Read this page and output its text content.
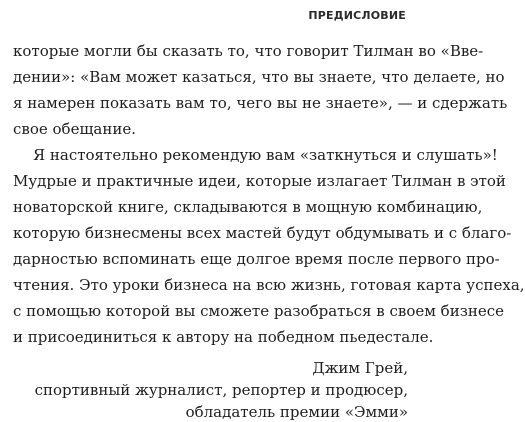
ПРЕДИСЛОВИЕ
которые могли бы сказать то, что говорит Тилман во «Вве-
дении»: «Вам может казаться, что вы знаете, что делаете, но
я намерен показать вам то, чего вы не знаете», — и сдержать
свое обещание.
Я настоятельно рекомендую вам «заткнуться и слушать»!
Мудрые и практичные идеи, которые излагает Тилман в этой
новаторской книге, складываются в мощную комбинацию,
которую бизнесмены всех мастей будут обдумывать и с благо-
дарностью вспоминать еще долгое время после первого про-
чтения. Это уроки бизнеса на всю жизнь, готовая карта успеха,
с помощью которой вы сможете разобраться в своем бизнесе
и присоединиться к автору на победном пьедестале.
Джим Грей,
спортивный журналист, репортер и продюсер,
обладатель премии «Эмми»
